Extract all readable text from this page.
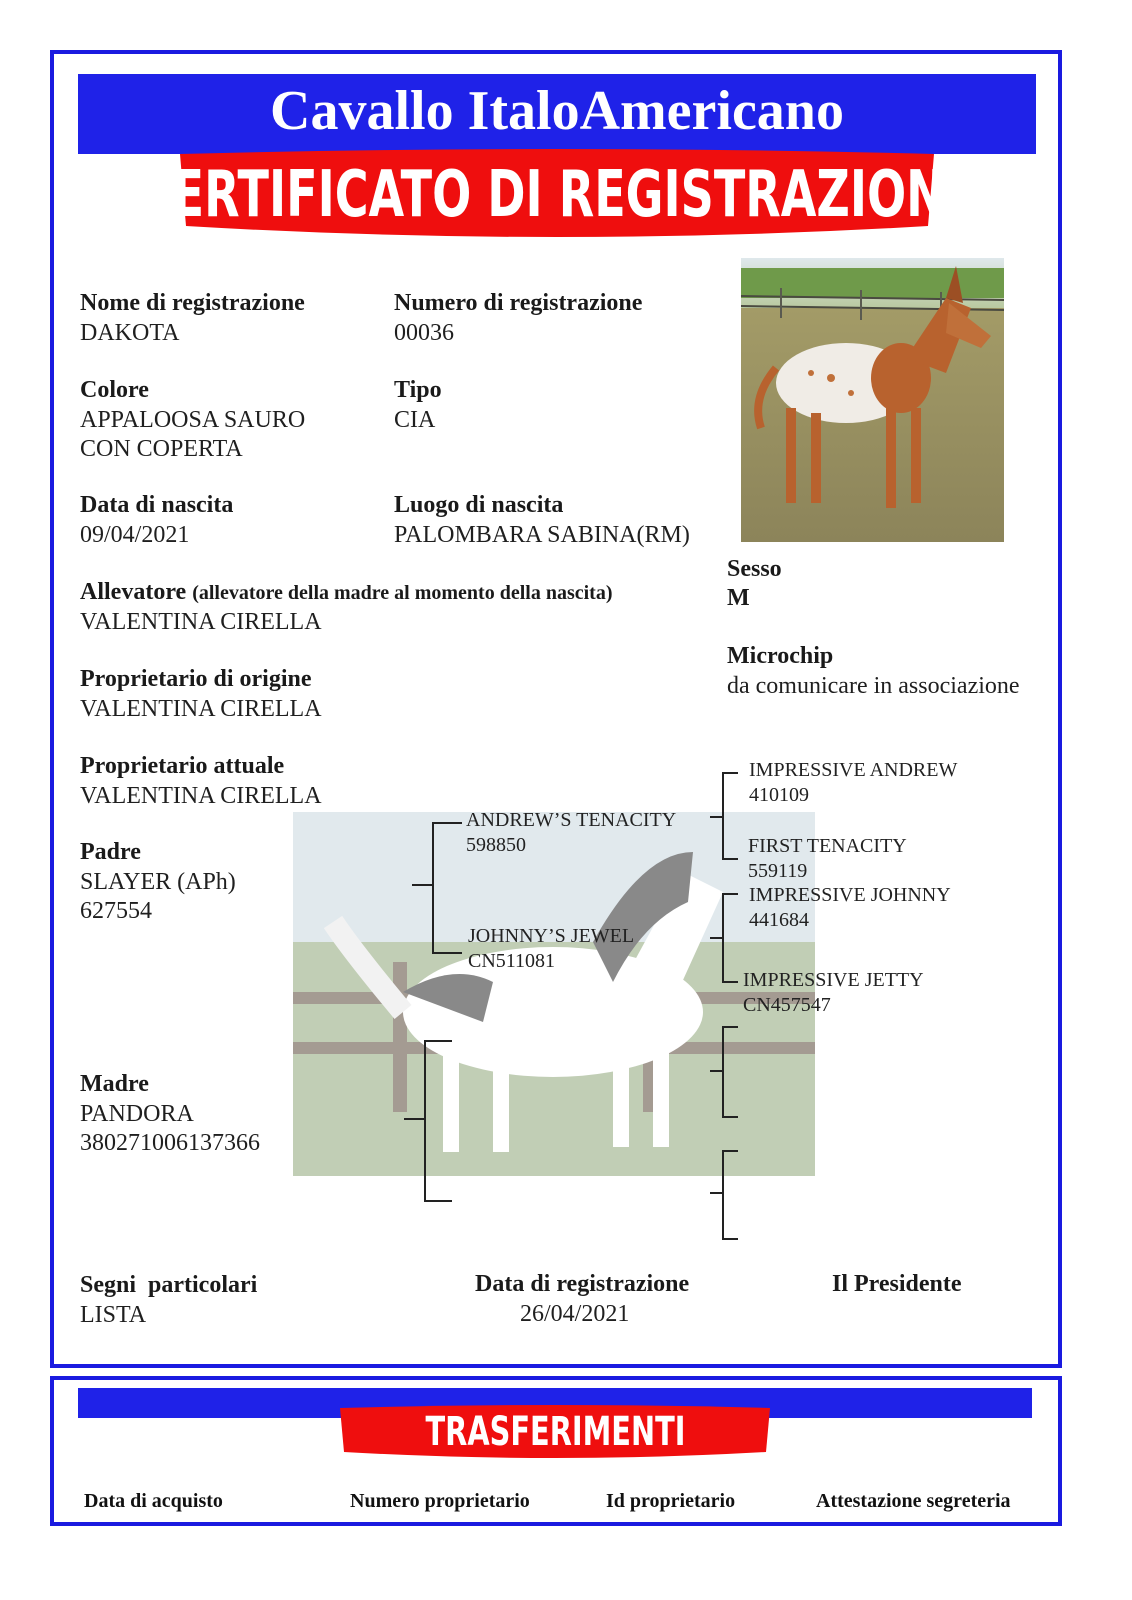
Cavallo ItaloAmericano
CERTIFICATO DI REGISTRAZIONE
Nome di registrazione
DAKOTA
Numero di registrazione
00036
Colore
APPALOOSA SAURO
CON COPERTA
Tipo
CIA
Data di nascita
09/04/2021
Luogo di nascita
PALOMBARA SABINA(RM)
Sesso
M
Allevatore (allevatore della madre al momento della nascita)
VALENTINA CIRELLA
Microchip
da comunicare in associazione
Proprietario di origine
VALENTINA CIRELLA
Proprietario attuale
VALENTINA CIRELLA
Padre
SLAYER (APh)
627554
Madre
PANDORA
380271006137366
ANDREW’S TENACITY
598850
JOHNNY’S JEWEL
CN511081
IMPRESSIVE ANDREW
410109
FIRST TENACITY
559119
IMPRESSIVE JOHNNY
441684
IMPRESSIVE JETTY
CN457547
Segni  particolari
LISTA
Data di registrazione
26/04/2021
Il Presidente
TRASFERIMENTI
Data di acquisto	Numero proprietario	Id proprietario	Attestazione segreteria
